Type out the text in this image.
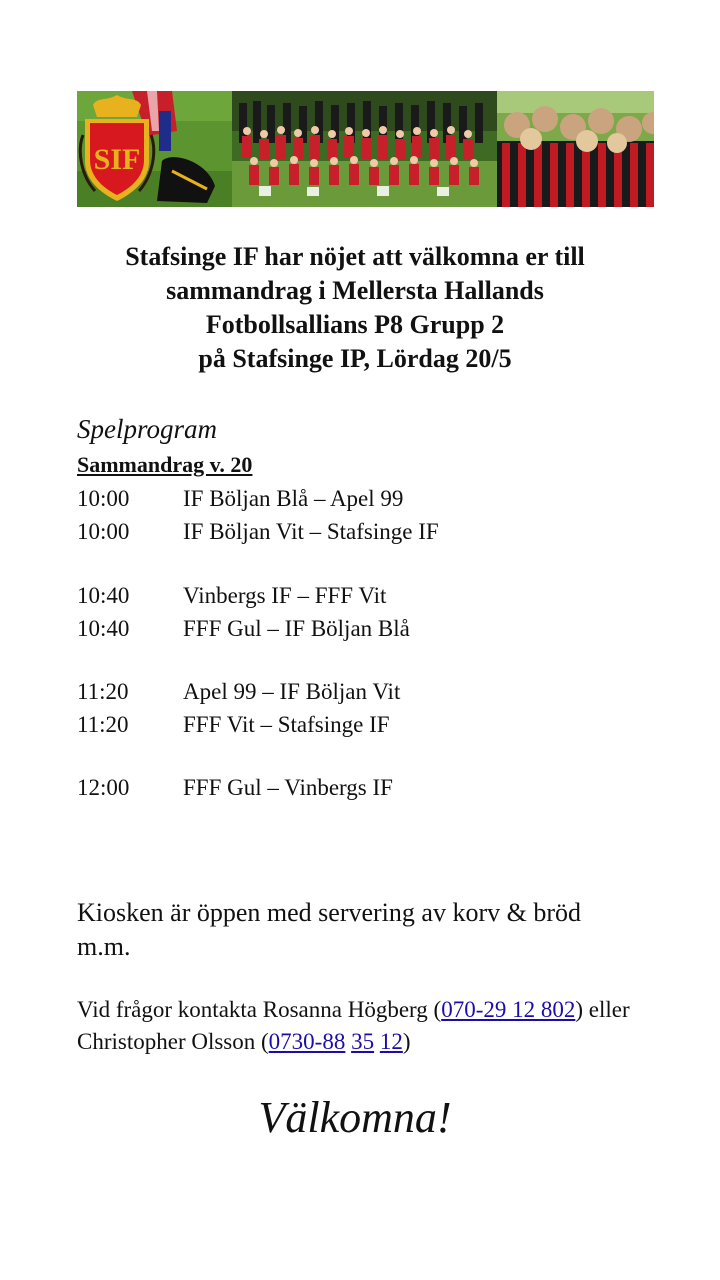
SIF
Stafsinge IF har nöjet att välkomna er till
sammandrag i Mellersta Hallands
Fotbollsallians P8 Grupp 2
på Stafsinge IP, Lördag 20/5
Spelprogram
Sammandrag v. 20
10:00 IF Böljan Blå – Apel 99
10:00 IF Böljan Vit – Stafsinge IF
10:40 Vinbergs IF – FFF Vit
10:40 FFF Gul – IF Böljan Blå
11:20 Apel 99 – IF Böljan Vit
11:20 FFF Vit – Stafsinge IF
12:00 FFF Gul – Vinbergs IF

Kiosken är öppen med servering av korv & bröd m.m.

Vid frågor kontakta Rosanna Högberg (070-29 12 802) eller Christopher Olsson (0730-88 35 12)

Välkomna!
